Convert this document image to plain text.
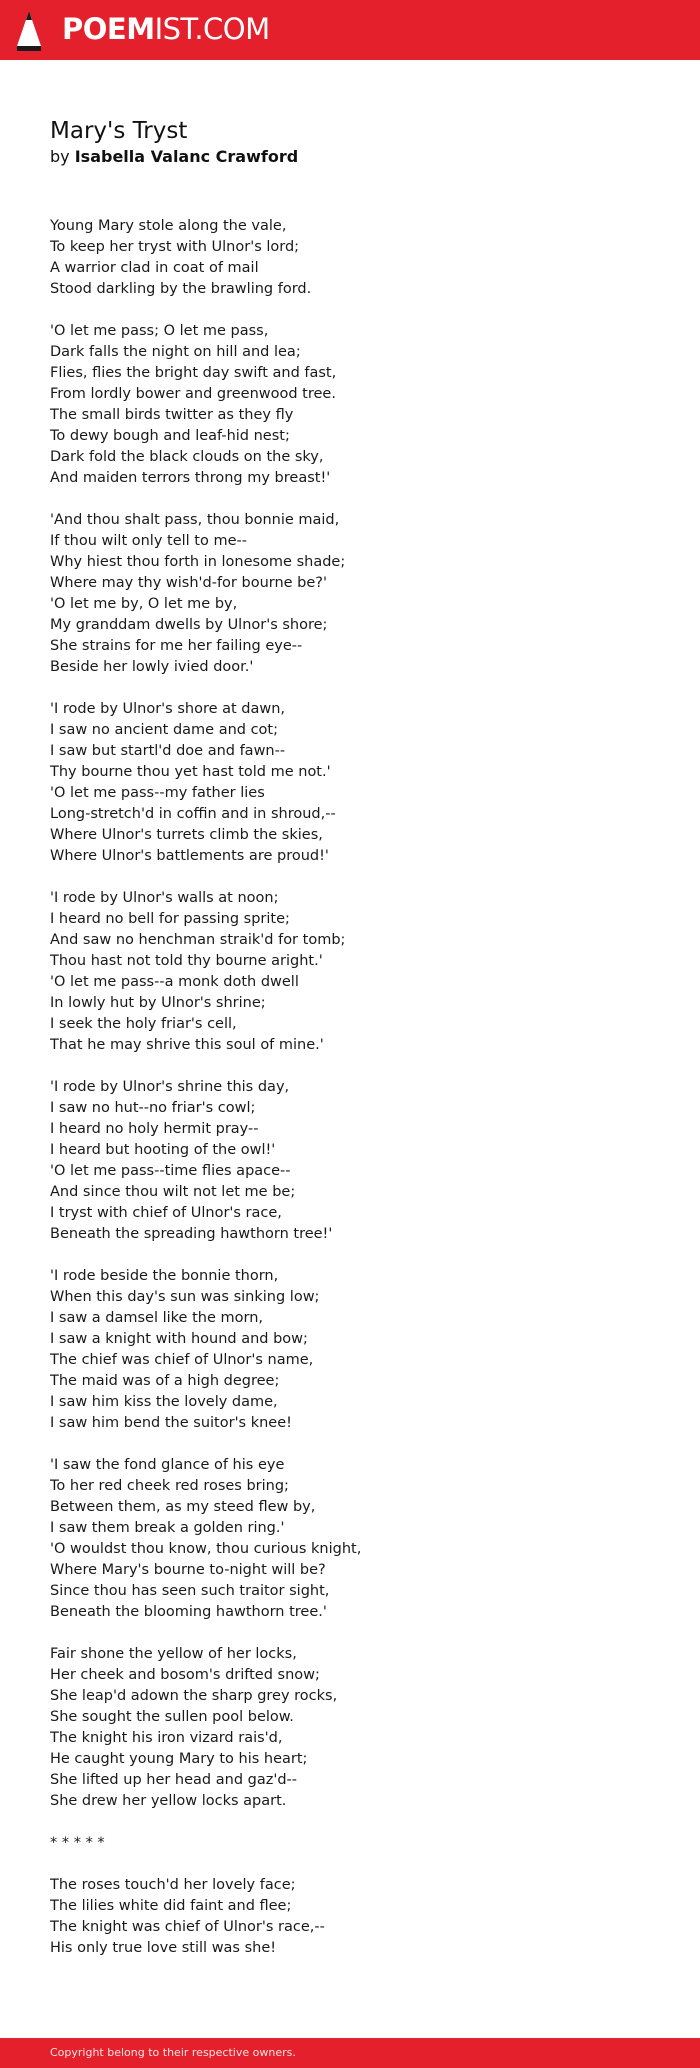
POEMIST.COM
Mary's Tryst

by Isabella Valanc Crawford

Young Mary stole along the vale,
To keep her tryst with Ulnor's lord;
A warrior clad in coat of mail
Stood darkling by the brawling ford.
'O let me pass; O let me pass,
Dark falls the night on hill and lea;
Flies, flies the bright day swift and fast,
From lordly bower and greenwood tree.
The small birds twitter as they fly
To dewy bough and leaf-hid nest;
Dark fold the black clouds on the sky,
And maiden terrors throng my breast!'
'And thou shalt pass, thou bonnie maid,
If thou wilt only tell to me--
Why hiest thou forth in lonesome shade;
Where may thy wish'd-for bourne be?'
'O let me by, O let me by,
My granddam dwells by Ulnor's shore;
She strains for me her failing eye--
Beside her lowly ivied door.'
'I rode by Ulnor's shore at dawn,
I saw no ancient dame and cot;
I saw but startl'd doe and fawn--
Thy bourne thou yet hast told me not.'
'O let me pass--my father lies
Long-stretch'd in coffin and in shroud,--
Where Ulnor's turrets climb the skies,
Where Ulnor's battlements are proud!'
'I rode by Ulnor's walls at noon;
I heard no bell for passing sprite;
And saw no henchman straik'd for tomb;
Thou hast not told thy bourne aright.'
'O let me pass--a monk doth dwell
In lowly hut by Ulnor's shrine;
I seek the holy friar's cell,
That he may shrive this soul of mine.'
'I rode by Ulnor's shrine this day,
I saw no hut--no friar's cowl;
I heard no holy hermit pray--
I heard but hooting of the owl!'
'O let me pass--time flies apace--
And since thou wilt not let me be;
I tryst with chief of Ulnor's race,
Beneath the spreading hawthorn tree!'
'I rode beside the bonnie thorn,
When this day's sun was sinking low;
I saw a damsel like the morn,
I saw a knight with hound and bow;
The chief was chief of Ulnor's name,
The maid was of a high degree;
I saw him kiss the lovely dame,
I saw him bend the suitor's knee!
'I saw the fond glance of his eye
To her red cheek red roses bring;
Between them, as my steed flew by,
I saw them break a golden ring.'
'O wouldst thou know, thou curious knight,
Where Mary's bourne to-night will be?
Since thou has seen such traitor sight,
Beneath the blooming hawthorn tree.'
Fair shone the yellow of her locks,
Her cheek and bosom's drifted snow;
She leap'd adown the sharp grey rocks,
She sought the sullen pool below.
The knight his iron vizard rais'd,
He caught young Mary to his heart;
She lifted up her head and gaz'd--
She drew her yellow locks apart.
* * * * *
The roses touch'd her lovely face;
The lilies white did faint and flee;
The knight was chief of Ulnor's race,--
His only true love still was she!
Copyright belong to their respective owners.
